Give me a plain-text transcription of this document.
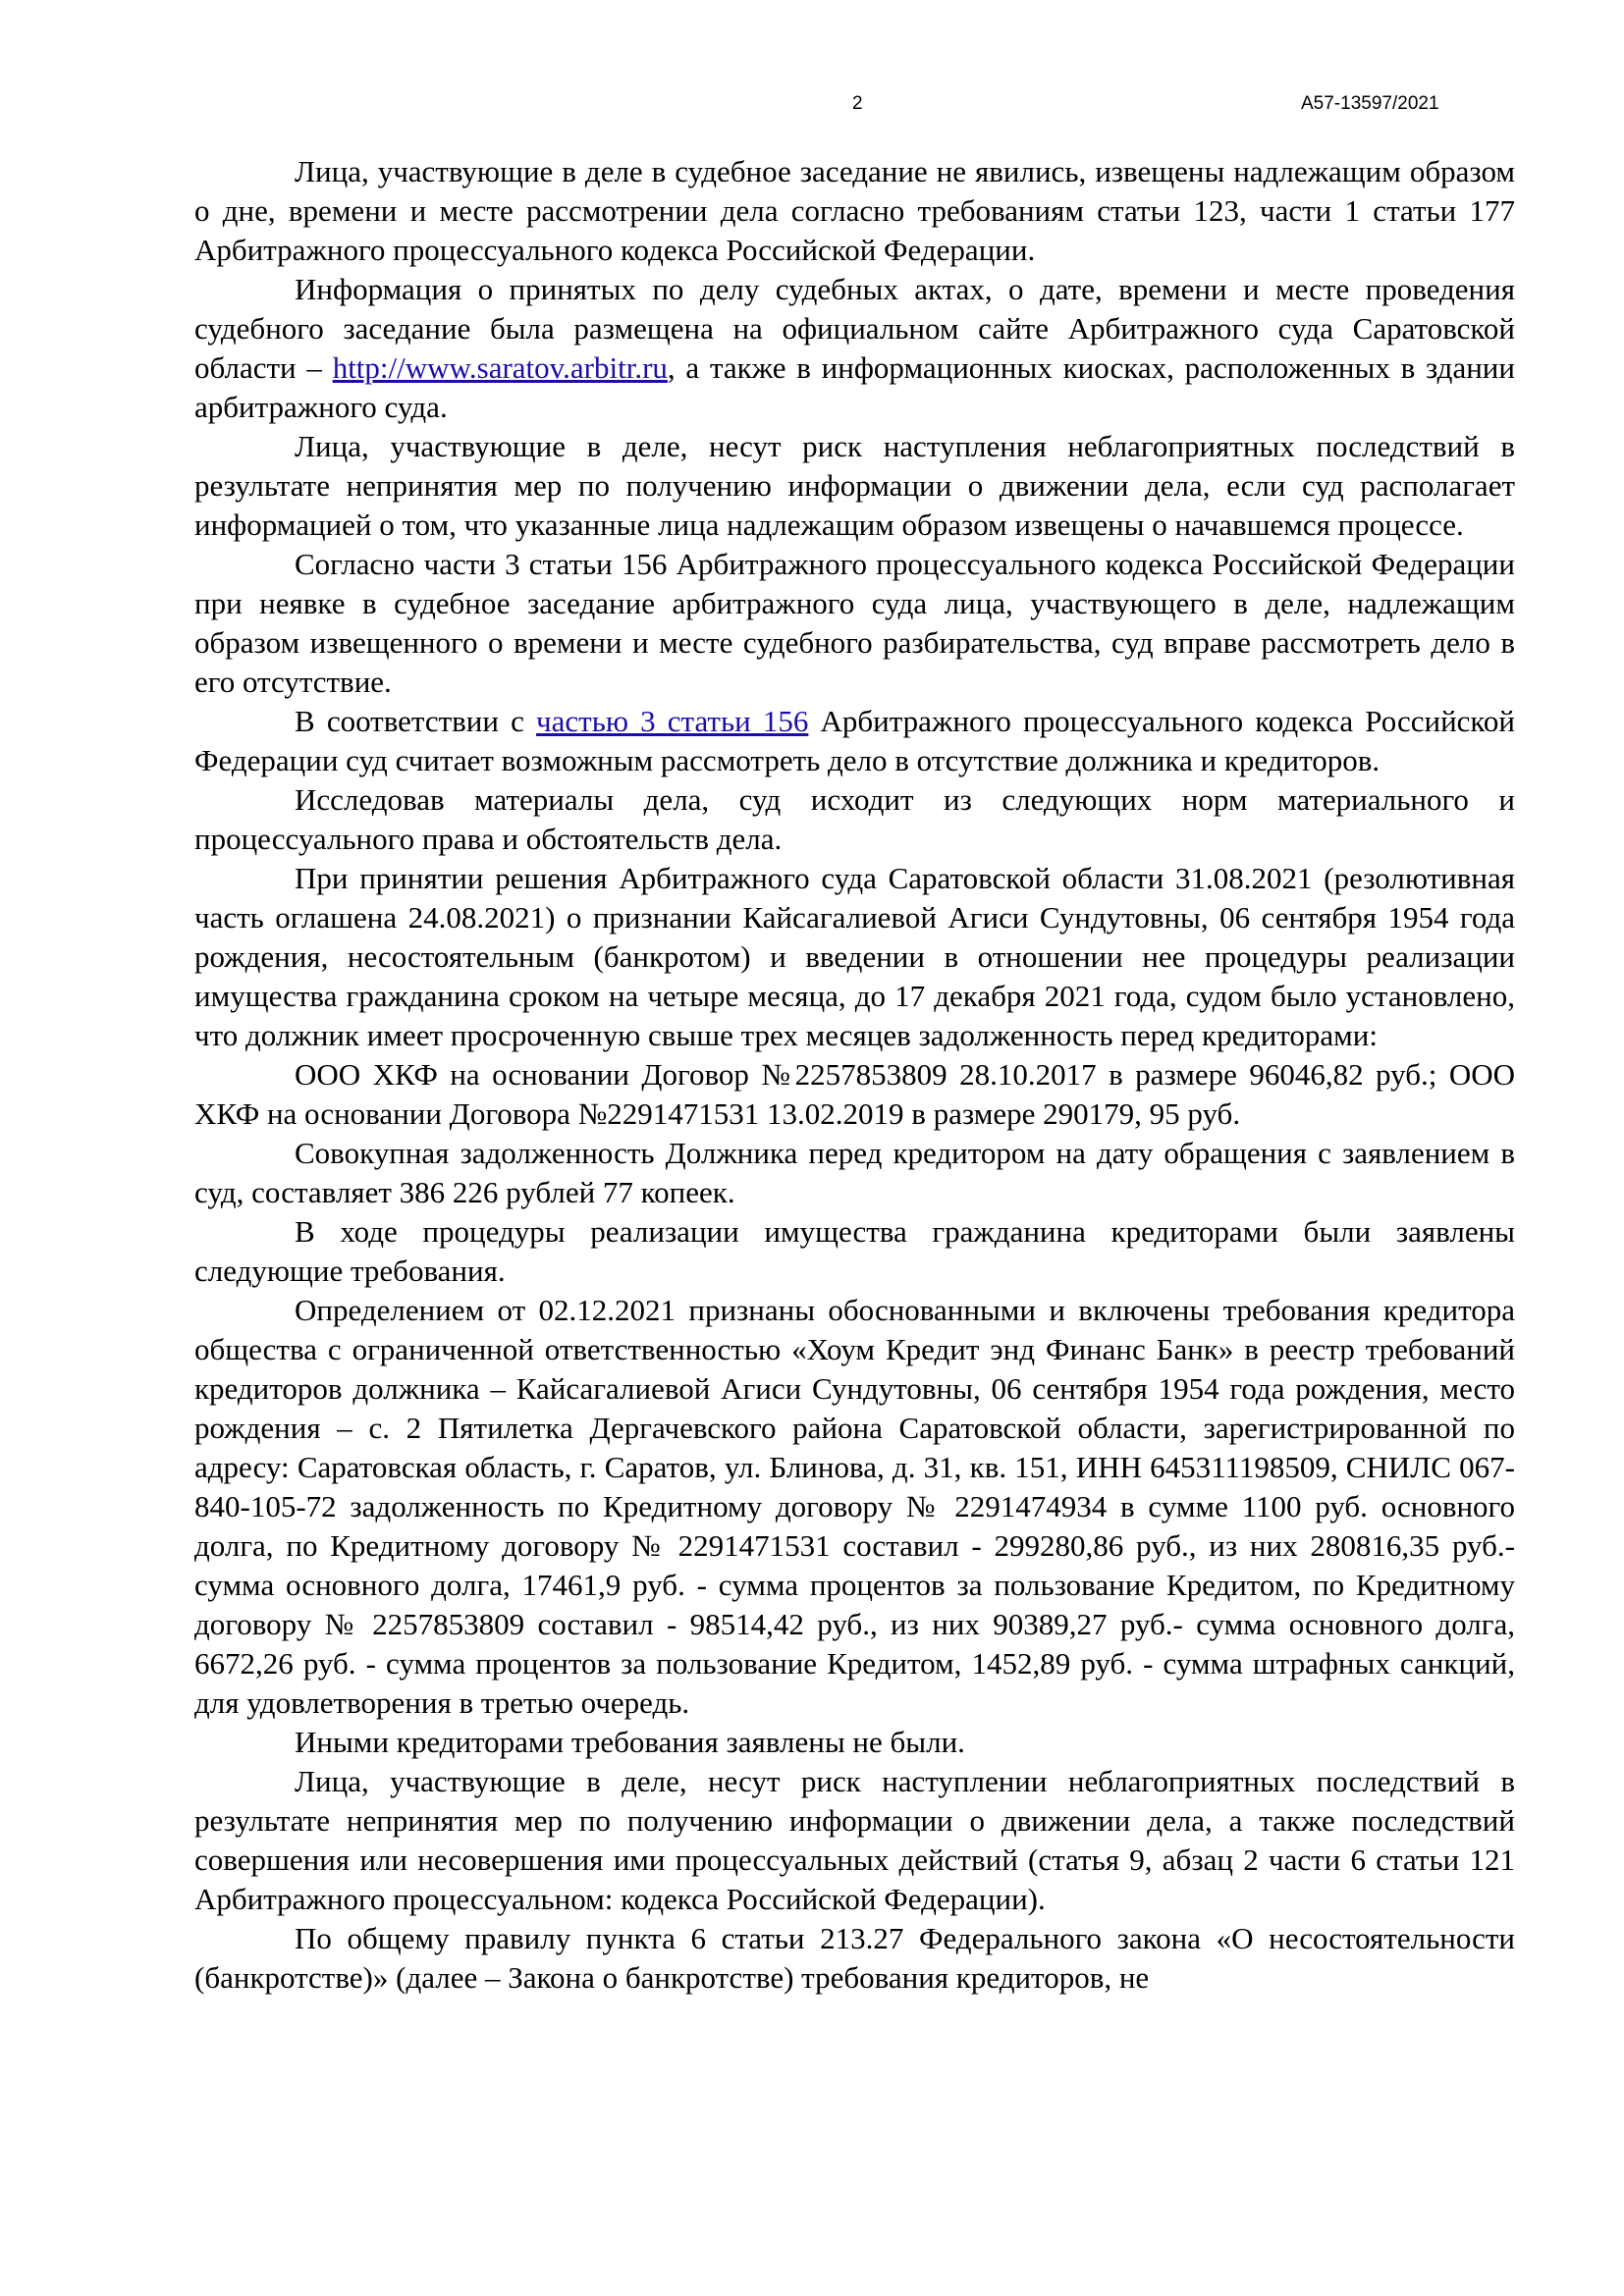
2	А57-13597/2021

Лица, участвующие в деле в судебное заседание не явились, извещены надлежащим образом о дне, времени и месте рассмотрении дела согласно требованиям статьи 123, части 1 статьи 177 Арбитражного процессуального кодекса Российской Федерации.

Информация о принятых по делу судебных актах, о дате, времени и месте проведения судебного заседание была размещена на официальном сайте Арбитражного суда Саратовской области – http://www.saratov.arbitr.ru, а также в информационных киосках, расположенных в здании арбитражного суда.

Лица, участвующие в деле, несут риск наступления неблагоприятных последствий в результате непринятия мер по получению информации о движении дела, если суд располагает информацией о том, что указанные лица надлежащим образом извещены о начавшемся процессе.

Согласно части 3 статьи 156 Арбитражного процессуального кодекса Российской Федерации при неявке в судебное заседание арбитражного суда лица, участвующего в деле, надлежащим образом извещенного о времени и месте судебного разбирательства, суд вправе рассмотреть дело в его отсутствие.

В соответствии с частью 3 статьи 156 Арбитражного процессуального кодекса Российской Федерации суд считает возможным рассмотреть дело в отсутствие должника и кредиторов.

Исследовав материалы дела, суд исходит из следующих норм материального и процессуального права и обстоятельств дела.

При принятии решения Арбитражного суда Саратовской области 31.08.2021 (резолютивная часть оглашена 24.08.2021) о признании Кайсагалиевой Агиси Сундутовны, 06 сентября 1954 года рождения, несостоятельным (банкротом) и введении в отношении нее процедуры реализации имущества гражданина сроком на четыре месяца, до 17 декабря 2021 года, судом было установлено, что должник имеет просроченную свыше трех месяцев задолженность перед кредиторами:

ООО ХКФ на основании Договор №2257853809 28.10.2017 в размере 96046,82 руб.; ООО ХКФ на основании Договора №2291471531 13.02.2019 в размере 290179, 95 руб.

Совокупная задолженность Должника перед кредитором на дату обращения с заявлением в суд, составляет 386 226 рублей 77 копеек.

В ходе процедуры реализации имущества гражданина кредиторами были заявлены следующие требования.

Определением от 02.12.2021 признаны обоснованными и включены требования кредитора общества с ограниченной ответственностью «Хоум Кредит энд Финанс Банк» в реестр требований кредиторов должника – Кайсагалиевой Агиси Сундутовны, 06 сентября 1954 года рождения, место рождения – с. 2 Пятилетка Дергачевского района Саратовской области, зарегистрированной по адресу: Саратовская область, г. Саратов, ул. Блинова, д. 31, кв. 151, ИНН 645311198509, СНИЛС 067- 840-105-72 задолженность по Кредитному договору № 2291474934 в сумме 1100 руб. основного долга, по Кредитному договору № 2291471531 составил - 299280,86 руб., из них 280816,35 руб.- сумма основного долга, 17461,9 руб. - сумма процентов за пользование Кредитом, по Кредитному договору № 2257853809 составил - 98514,42 руб., из них 90389,27 руб.- сумма основного долга, 6672,26 руб. - сумма процентов за пользование Кредитом, 1452,89 руб. - сумма штрафных санкций, для удовлетворения в третью очередь.

Иными кредиторами требования заявлены не были.

Лица, участвующие в деле, несут риск наступлении неблагоприятных последствий в результате непринятия мер по получению информации о движении дела, а также последствий совершения или несовершения ими процессуальных действий (статья 9, абзац 2 части 6 статьи 121 Арбитражного процессуальном: кодекса Российской Федерации).

По общему правилу пункта 6 статьи 213.27 Федерального закона «О несостоятельности (банкротстве)» (далее – Закона о банкротстве) требования кредиторов, не
